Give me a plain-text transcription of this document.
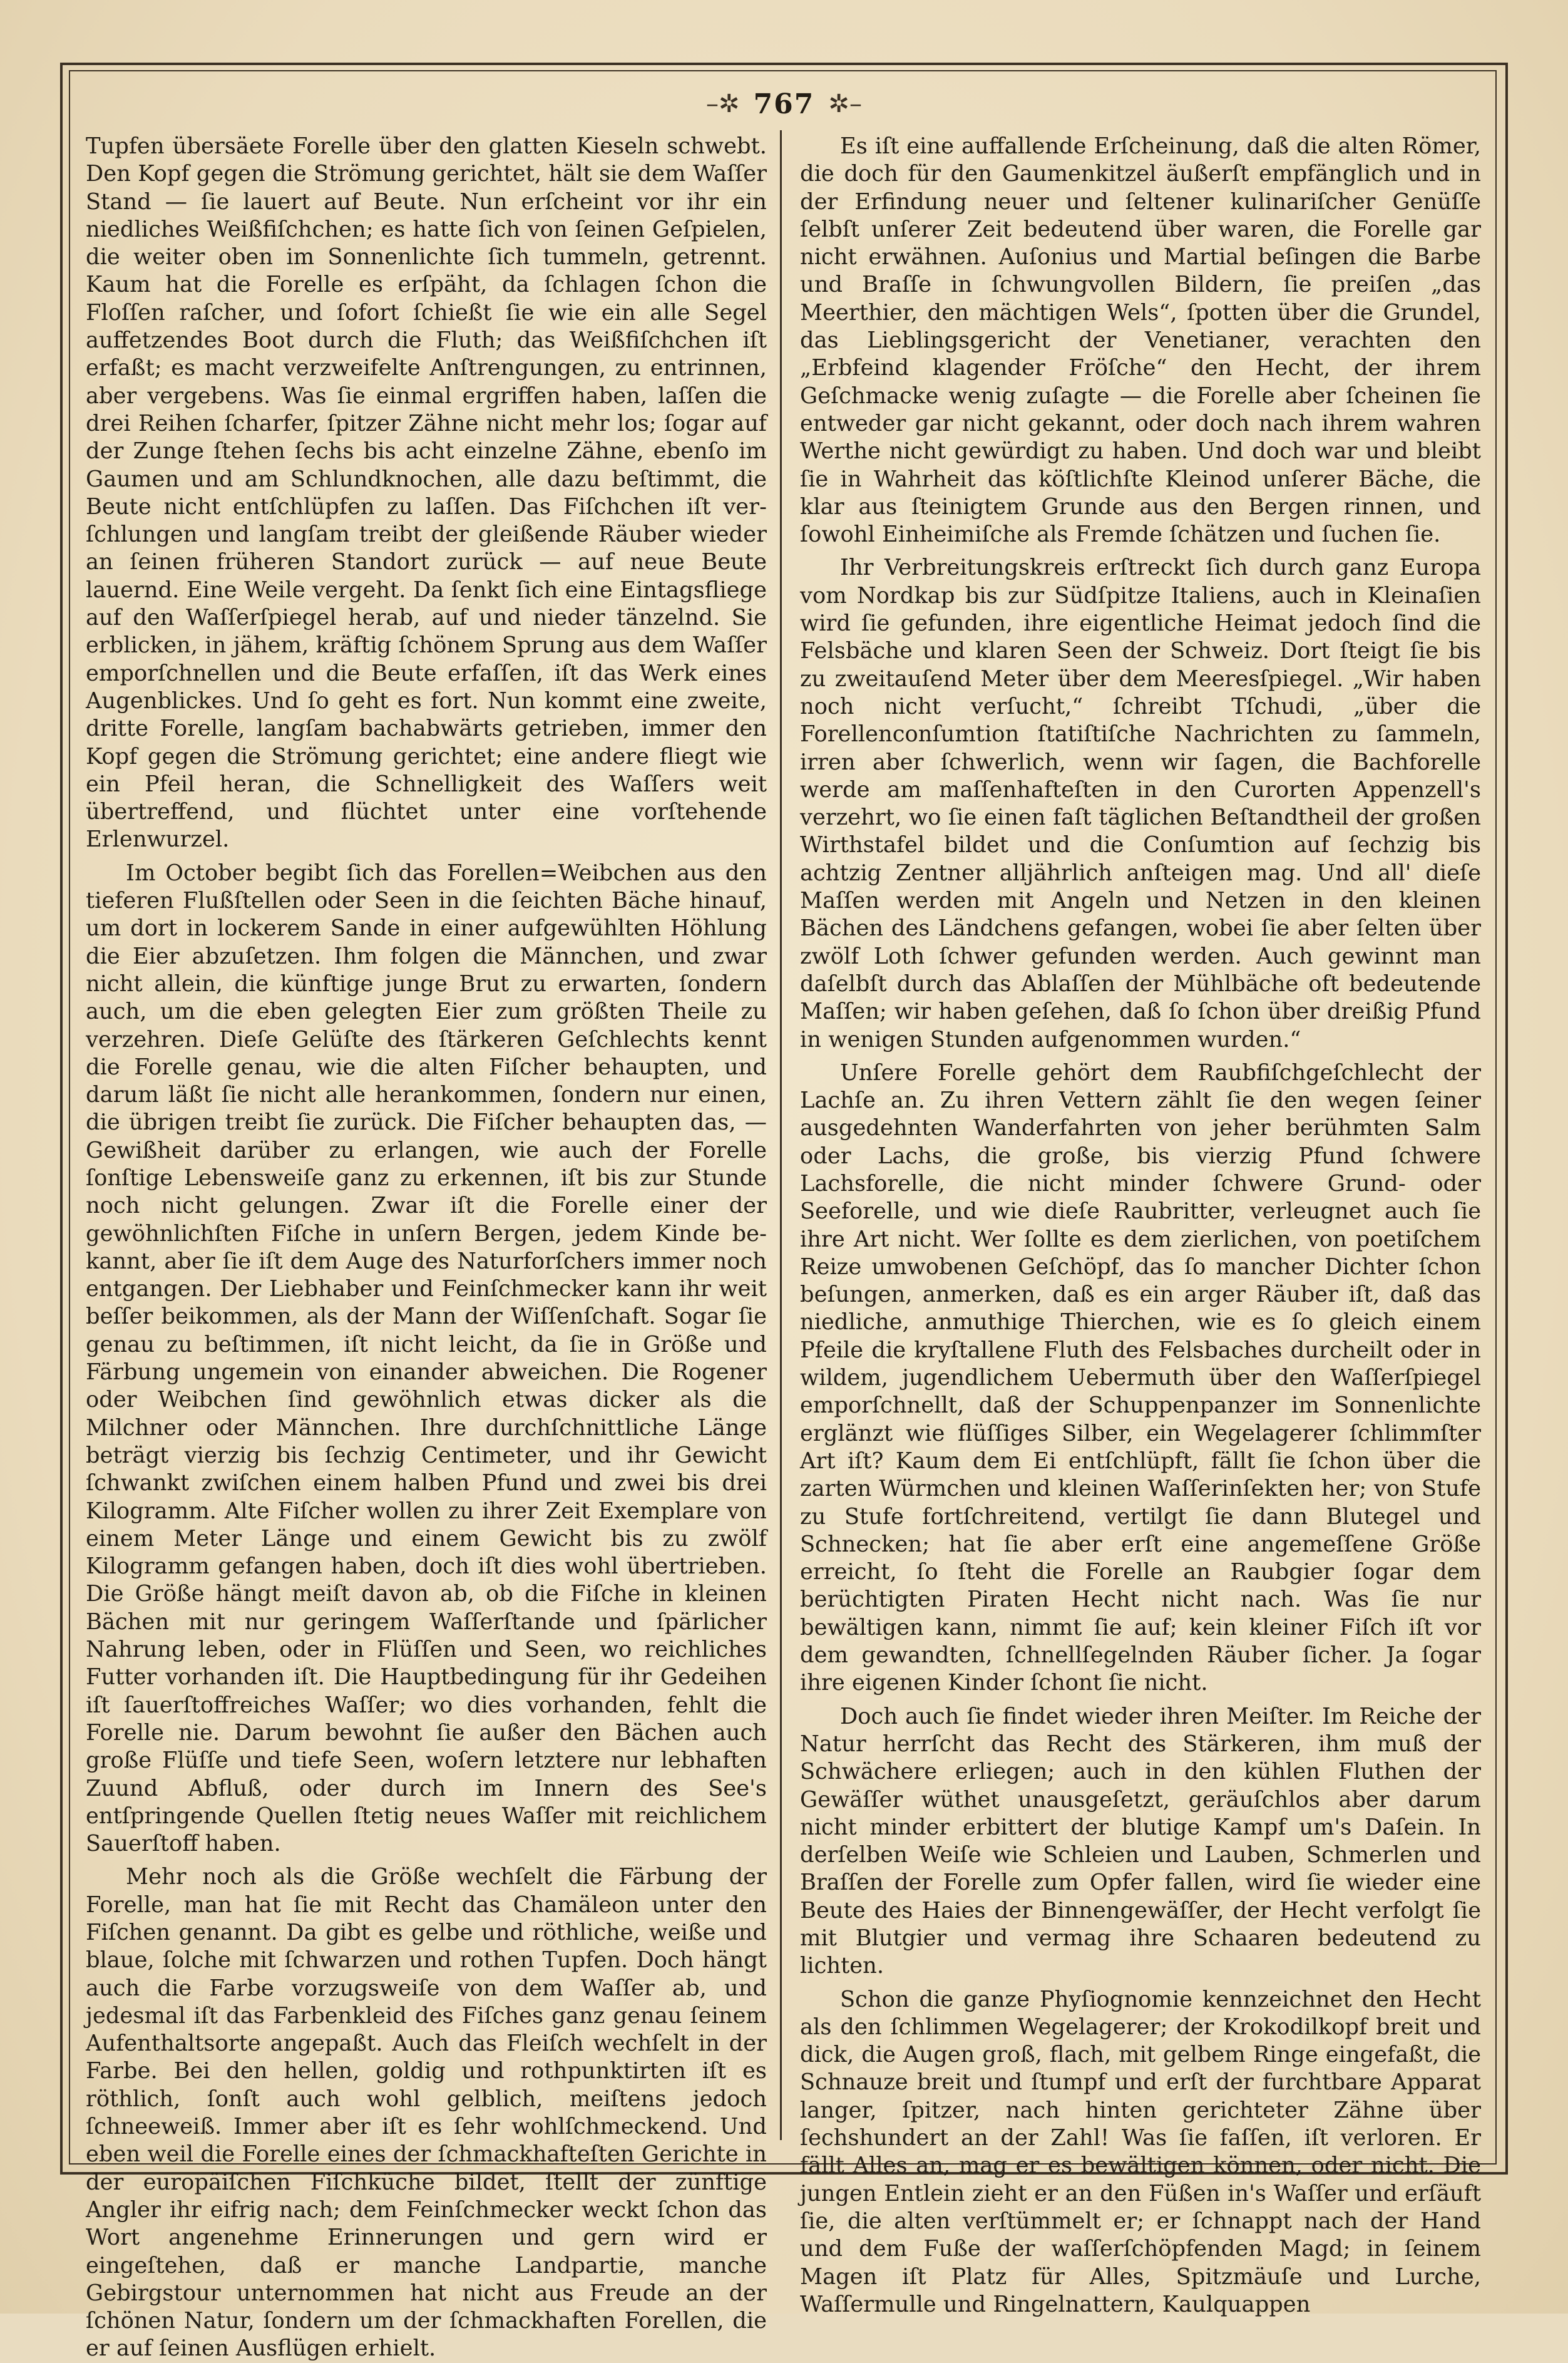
–✲ 767 ✲–

Tupfen übersäete Forelle über den glatten Kieseln schwebt. Den Kopf gegen die Strömung gerichtet, hält sie dem Waſſer Stand — ſie lauert auf Beute. Nun erſcheint vor ihr ein niedliches Weißfiſchchen; es hatte ſich von ſeinen Geſpielen, die weiter oben im Sonnenlichte ſich tummeln, getrennt. Kaum hat die Forelle es erſpäht, da ſchlagen ſchon die Floſſen raſcher, und ſofort ſchießt ſie wie ein alle Segel auffetzendes Boot durch die Fluth; das Weißfiſchchen iſt erfaßt; es macht verzweifelte Anſtrengungen, zu entrinnen, aber vergebens. Was ſie einmal ergriffen haben, laſſen die drei Reihen ſcharfer, ſpitzer Zähne nicht mehr los; ſogar auf der Zunge ſtehen ſechs bis acht einzelne Zähne, ebenſo im Gaumen und am Schlundknochen, alle dazu beſtimmt, die Beute nicht entſchlüpfen zu laſſen. Das Fiſchchen iſt verſchlungen und langſam treibt der gleißende Räuber wieder an ſeinen früheren Standort zurück — auf neue Beute lauernd. Eine Weile vergeht. Da ſenkt ſich eine Eintagsfliege auf den Waſſerſpiegel herab, auf und nieder tänzelnd. Sie erblicken, in jähem, kräftig ſchönem Sprung aus dem Waſſer emporſchnellen und die Beute erfaſſen, iſt das Werk eines Augenblickes. Und ſo geht es fort. Nun kommt eine zweite, dritte Forelle, langſam bachabwärts getrieben, immer den Kopf gegen die Strömung gerichtet; eine andere fliegt wie ein Pfeil heran, die Schnelligkeit des Waſſers weit übertreffend, und flüchtet unter eine vorſtehende Erlenwurzel.

Im October begibt ſich das Forellen=Weibchen aus den tieferen Flußſtellen oder Seen in die ſeichten Bäche hinauf, um dort in lockerem Sande in einer aufgewühlten Höhlung die Eier abzuſetzen. Ihm folgen die Männchen, und zwar nicht allein, die künftige junge Brut zu erwarten, ſondern auch, um die eben gelegten Eier zum größten Theile zu verzehren. Dieſe Gelüſte des ſtärkeren Geſchlechts kennt die Forelle genau, wie die alten Fiſcher behaupten, und darum läßt ſie nicht alle herankommen, ſondern nur einen, die übrigen treibt ſie zurück. Die Fiſcher behaupten das, — Gewißheit darüber zu erlangen, wie auch der Forelle ſonſtige Lebensweiſe ganz zu erkennen, iſt bis zur Stunde noch nicht gelungen. Zwar iſt die Forelle einer der gewöhnlichſten Fiſche in unſern Bergen, jedem Kinde bekannt, aber ſie iſt dem Auge des Naturforſchers immer noch entgangen. Der Liebhaber und Feinſchmecker kann ihr weit beſſer beikommen, als der Mann der Wiſſenſchaft. Sogar ſie genau zu beſtimmen, iſt nicht leicht, da ſie in Größe und Färbung ungemein von einander abweichen. Die Rogener oder Weibchen ſind gewöhnlich etwas dicker als die Milchner oder Männchen. Ihre durchſchnittliche Länge beträgt vierzig bis ſechzig Centimeter, und ihr Gewicht ſchwankt zwiſchen einem halben Pfund und zwei bis drei Kilogramm. Alte Fiſcher wollen zu ihrer Zeit Exemplare von einem Meter Länge und einem Gewicht bis zu zwölf Kilogramm gefangen haben, doch iſt dies wohl übertrieben. Die Größe hängt meiſt davon ab, ob die Fiſche in kleinen Bächen mit nur geringem Waſſerſtande und ſpärlicher Nahrung leben, oder in Flüſſen und Seen, wo reichliches Futter vorhanden iſt. Die Hauptbedingung für ihr Gedeihen iſt ſauerſtoffreiches Waſſer; wo dies vorhanden, fehlt die Forelle nie. Darum bewohnt ſie außer den Bächen auch große Flüſſe und tiefe Seen, woſern letztere nur lebhaften Zuund Abfluß, oder durch im Innern des See's entſpringende Quellen ſtetig neues Waſſer mit reichlichem Sauerſtoff haben.

Mehr noch als die Größe wechſelt die Färbung der Forelle, man hat ſie mit Recht das Chamäleon unter den Fiſchen genannt. Da gibt es gelbe und röthliche, weiße und blaue, ſolche mit ſchwarzen und rothen Tupfen. Doch hängt auch die Farbe vorzugsweiſe von dem Waſſer ab, und jedesmal iſt das Farbenkleid des Fiſches ganz genau ſeinem Aufenthaltsorte angepaßt. Auch das Fleiſch wechſelt in der Farbe. Bei den hellen, goldig und rothpunktirten iſt es röthlich, ſonſt auch wohl gelblich, meiſtens jedoch ſchneeweiß. Immer aber iſt es ſehr wohlſchmeckend. Und eben weil die Forelle eines der ſchmackhafteſten Gerichte in der europäiſchen Fiſchküche bildet, ſtellt der zünftige Angler ihr eifrig nach; dem Feinſchmecker weckt ſchon das Wort angenehme Erinnerungen und gern wird er eingeſtehen, daß er manche Landpartie, manche Gebirgstour unternommen hat nicht aus Freude an der ſchönen Natur, ſondern um der ſchmackhaften Forellen, die er auf ſeinen Ausflügen erhielt.

Es iſt eine auffallende Erſcheinung, daß die alten Römer, die doch für den Gaumenkitzel äußerſt empfänglich und in der Erfindung neuer und ſeltener kulinariſcher Genüſſe ſelbſt unſerer Zeit bedeutend über waren, die Forelle gar nicht erwähnen. Auſonius und Martial beſingen die Barbe und Braſſe in ſchwungvollen Bildern, ſie preiſen „das Meerthier, den mächtigen Wels“, ſpotten über die Grundel, das Lieblingsgericht der Venetianer, verachten den „Erbfeind klagender Fröſche“ den Hecht, der ihrem Geſchmacke wenig zuſagte — die Forelle aber ſcheinen ſie entweder gar nicht gekannt, oder doch nach ihrem wahren Werthe nicht gewürdigt zu haben. Und doch war und bleibt ſie in Wahrheit das köſtlichſte Kleinod unſerer Bäche, die klar aus ſteinigtem Grunde aus den Bergen rinnen, und ſowohl Einheimiſche als Fremde ſchätzen und ſuchen ſie.

Ihr Verbreitungskreis erſtreckt ſich durch ganz Europa vom Nordkap bis zur Südſpitze Italiens, auch in Kleinaſien wird ſie gefunden, ihre eigentliche Heimat jedoch ſind die Felsbäche und klaren Seen der Schweiz. Dort ſteigt ſie bis zu zweitauſend Meter über dem Meeresſpiegel. „Wir haben noch nicht verſucht,“ ſchreibt Tſchudi, „über die Forellenconſumtion ſtatiſtiſche Nachrichten zu ſammeln, irren aber ſchwerlich, wenn wir ſagen, die Bachforelle werde am maſſenhafteſten in den Curorten Appenzell's verzehrt, wo ſie einen faſt täglichen Beſtandtheil der großen Wirthstafel bildet und die Conſumtion auf ſechzig bis achtzig Zentner alljährlich anſteigen mag. Und all' dieſe Maſſen werden mit Angeln und Netzen in den kleinen Bächen des Ländchens gefangen, wobei ſie aber ſelten über zwölf Loth ſchwer gefunden werden. Auch gewinnt man daſelbſt durch das Ablaſſen der Mühlbäche oft bedeutende Maſſen; wir haben geſehen, daß ſo ſchon über dreißig Pfund in wenigen Stunden aufgenommen wurden.“

Unſere Forelle gehört dem Raubfiſchgeſchlecht der Lachſe an. Zu ihren Vettern zählt ſie den wegen ſeiner ausgedehnten Wanderfahrten von jeher berühmten Salm oder Lachs, die große, bis vierzig Pfund ſchwere Lachsforelle, die nicht minder ſchwere Grund- oder Seeforelle, und wie dieſe Raubritter, verleugnet auch ſie ihre Art nicht. Wer ſollte es dem zierlichen, von poetiſchem Reize umwobenen Geſchöpf, das ſo mancher Dichter ſchon beſungen, anmerken, daß es ein arger Räuber iſt, daß das niedliche, anmuthige Thierchen, wie es ſo gleich einem Pfeile die kryſtallene Fluth des Felsbaches durcheilt oder in wildem, jugendlichem Uebermuth über den Waſſerſpiegel emporſchnellt, daß der Schuppenpanzer im Sonnenlichte erglänzt wie flüſſiges Silber, ein Wegelagerer ſchlimmſter Art iſt? Kaum dem Ei entſchlüpft, fällt ſie ſchon über die zarten Würmchen und kleinen Waſſerinſekten her; von Stufe zu Stufe fortſchreitend, vertilgt ſie dann Blutegel und Schnecken; hat ſie aber erſt eine angemeſſene Größe erreicht, ſo ſteht die Forelle an Raubgier ſogar dem berüchtigten Piraten Hecht nicht nach. Was ſie nur bewältigen kann, nimmt ſie auf; kein kleiner Fiſch iſt vor dem gewandten, ſchnellſegelnden Räuber ſicher. Ja ſogar ihre eigenen Kinder ſchont ſie nicht.

Doch auch ſie findet wieder ihren Meiſter. Im Reiche der Natur herrſcht das Recht des Stärkeren, ihm muß der Schwächere erliegen; auch in den kühlen Fluthen der Gewäſſer wüthet unausgeſetzt, geräuſchlos aber darum nicht minder erbittert der blutige Kampf um's Daſein. In derſelben Weiſe wie Schleien und Lauben, Schmerlen und Braſſen der Forelle zum Opfer fallen, wird ſie wieder eine Beute des Haies der Binnengewäſſer, der Hecht verfolgt ſie mit Blutgier und vermag ihre Schaaren bedeutend zu lichten.

Schon die ganze Phyſiognomie kennzeichnet den Hecht als den ſchlimmen Wegelagerer; der Krokodilkopf breit und dick, die Augen groß, flach, mit gelbem Ringe eingefaßt, die Schnauze breit und ſtumpf und erſt der furchtbare Apparat langer, ſpitzer, nach hinten gerichteter Zähne über ſechshundert an der Zahl! Was ſie faſſen, iſt verloren. Er fällt Alles an, mag er es bewältigen können, oder nicht. Die jungen Entlein zieht er an den Füßen in's Waſſer und erſäuft ſie, die alten verſtümmelt er; er ſchnappt nach der Hand und dem Fuße der waſſerſchöpfenden Magd; in ſeinem Magen iſt Platz für Alles, Spitzmäuſe und Lurche, Waſſermulle und Ringelnattern, Kaulquappen
